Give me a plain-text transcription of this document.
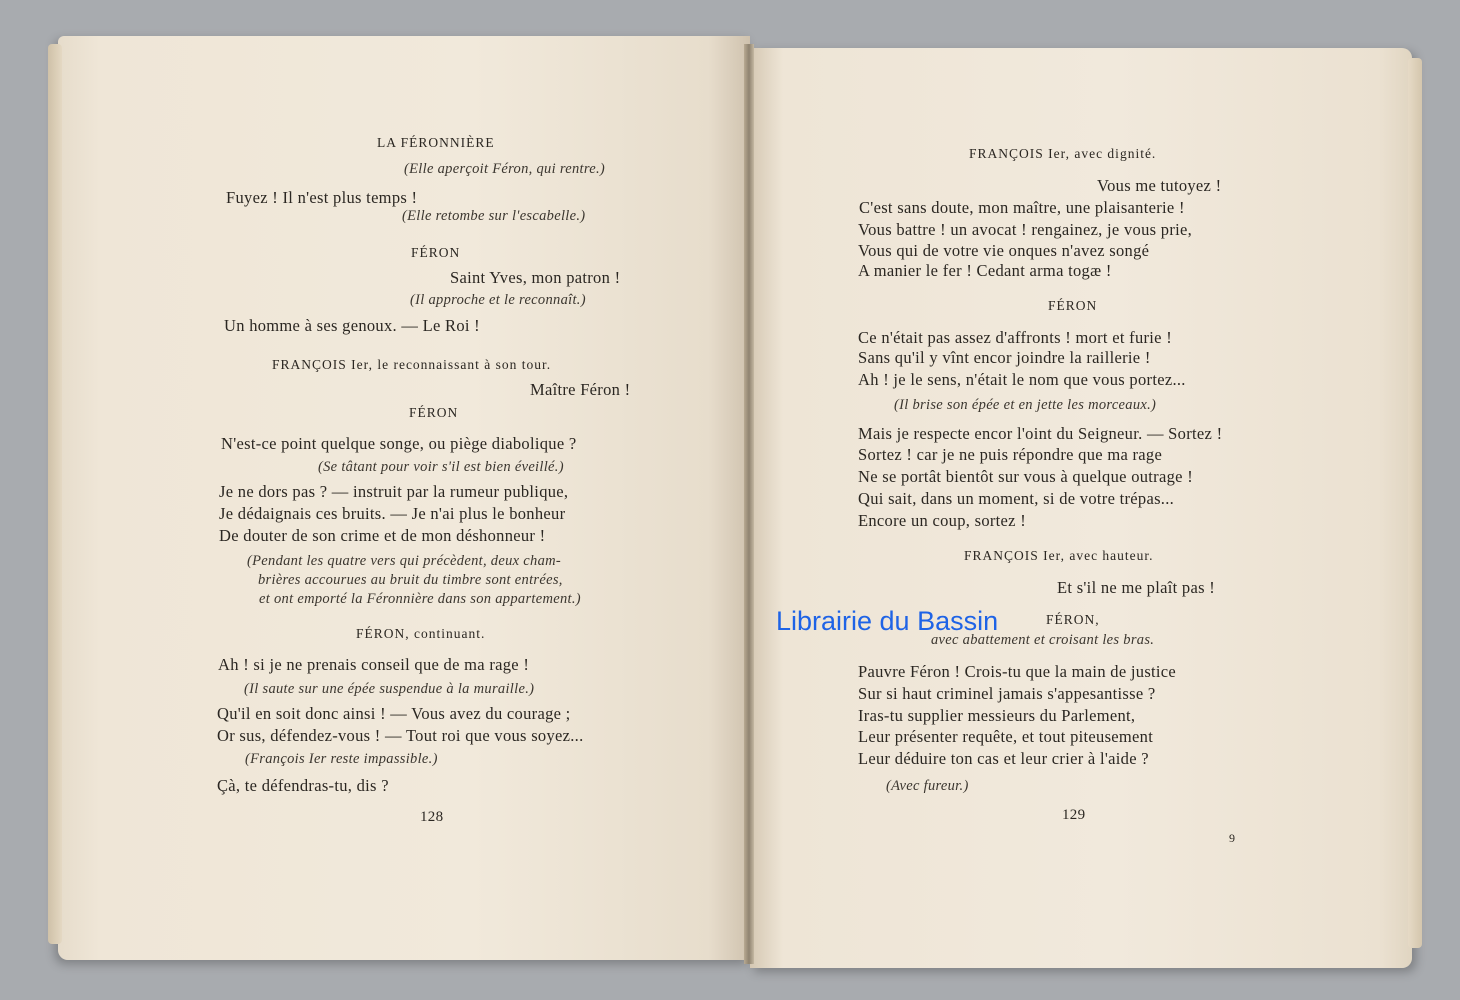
LA FÉRONNIÈRE
(Elle aperçoit Féron, qui rentre.)
Fuyez ! Il n'est plus temps !
(Elle retombe sur l'escabelle.)
FÉRON
Saint Yves, mon patron !
(Il approche et le reconnaît.)
Un homme à ses genoux. — Le Roi !
FRANÇOIS Ier, le reconnaissant à son tour.
Maître Féron !
FÉRON
N'est-ce point quelque songe, ou piège diabolique ?
(Se tâtant pour voir s'il est bien éveillé.)
Je ne dors pas ? — instruit par la rumeur publique,
Je dédaignais ces bruits. — Je n'ai plus le bonheur
De douter de son crime et de mon déshonneur !
(Pendant les quatre vers qui précèdent, deux cham-
brières accourues au bruit du timbre sont entrées,
et ont emporté la Féronnière dans son appartement.)
FÉRON, continuant.
Ah ! si je ne prenais conseil que de ma rage !
(Il saute sur une épée suspendue à la muraille.)
Qu'il en soit donc ainsi ! — Vous avez du courage ;
Or sus, défendez-vous ! — Tout roi que vous soyez...
(François Ier reste impassible.)
Çà, te défendras-tu, dis ?
128
FRANÇOIS Ier, avec dignité.
Vous me tutoyez !
C'est sans doute, mon maître, une plaisanterie !
Vous battre ! un avocat ! rengainez, je vous prie,
Vous qui de votre vie onques n'avez songé
A manier le fer ! Cedant arma togæ !
FÉRON
Ce n'était pas assez d'affronts ! mort et furie !
Sans qu'il y vînt encor joindre la raillerie !
Ah ! je le sens, n'était le nom que vous portez...
(Il brise son épée et en jette les morceaux.)
Mais je respecte encor l'oint du Seigneur. — Sortez !
Sortez ! car je ne puis répondre que ma rage
Ne se portât bientôt sur vous à quelque outrage !
Qui sait, dans un moment, si de votre trépas...
Encore un coup, sortez !
FRANÇOIS Ier, avec hauteur.
Et s'il ne me plaît pas !
FÉRON,
avec abattement et croisant les bras.
Pauvre Féron ! Crois-tu que la main de justice
Sur si haut criminel jamais s'appesantisse ?
Iras-tu supplier messieurs du Parlement,
Leur présenter requête, et tout piteusement
Leur déduire ton cas et leur crier à l'aide ?
(Avec fureur.)
129
9
Librairie du Bassin
